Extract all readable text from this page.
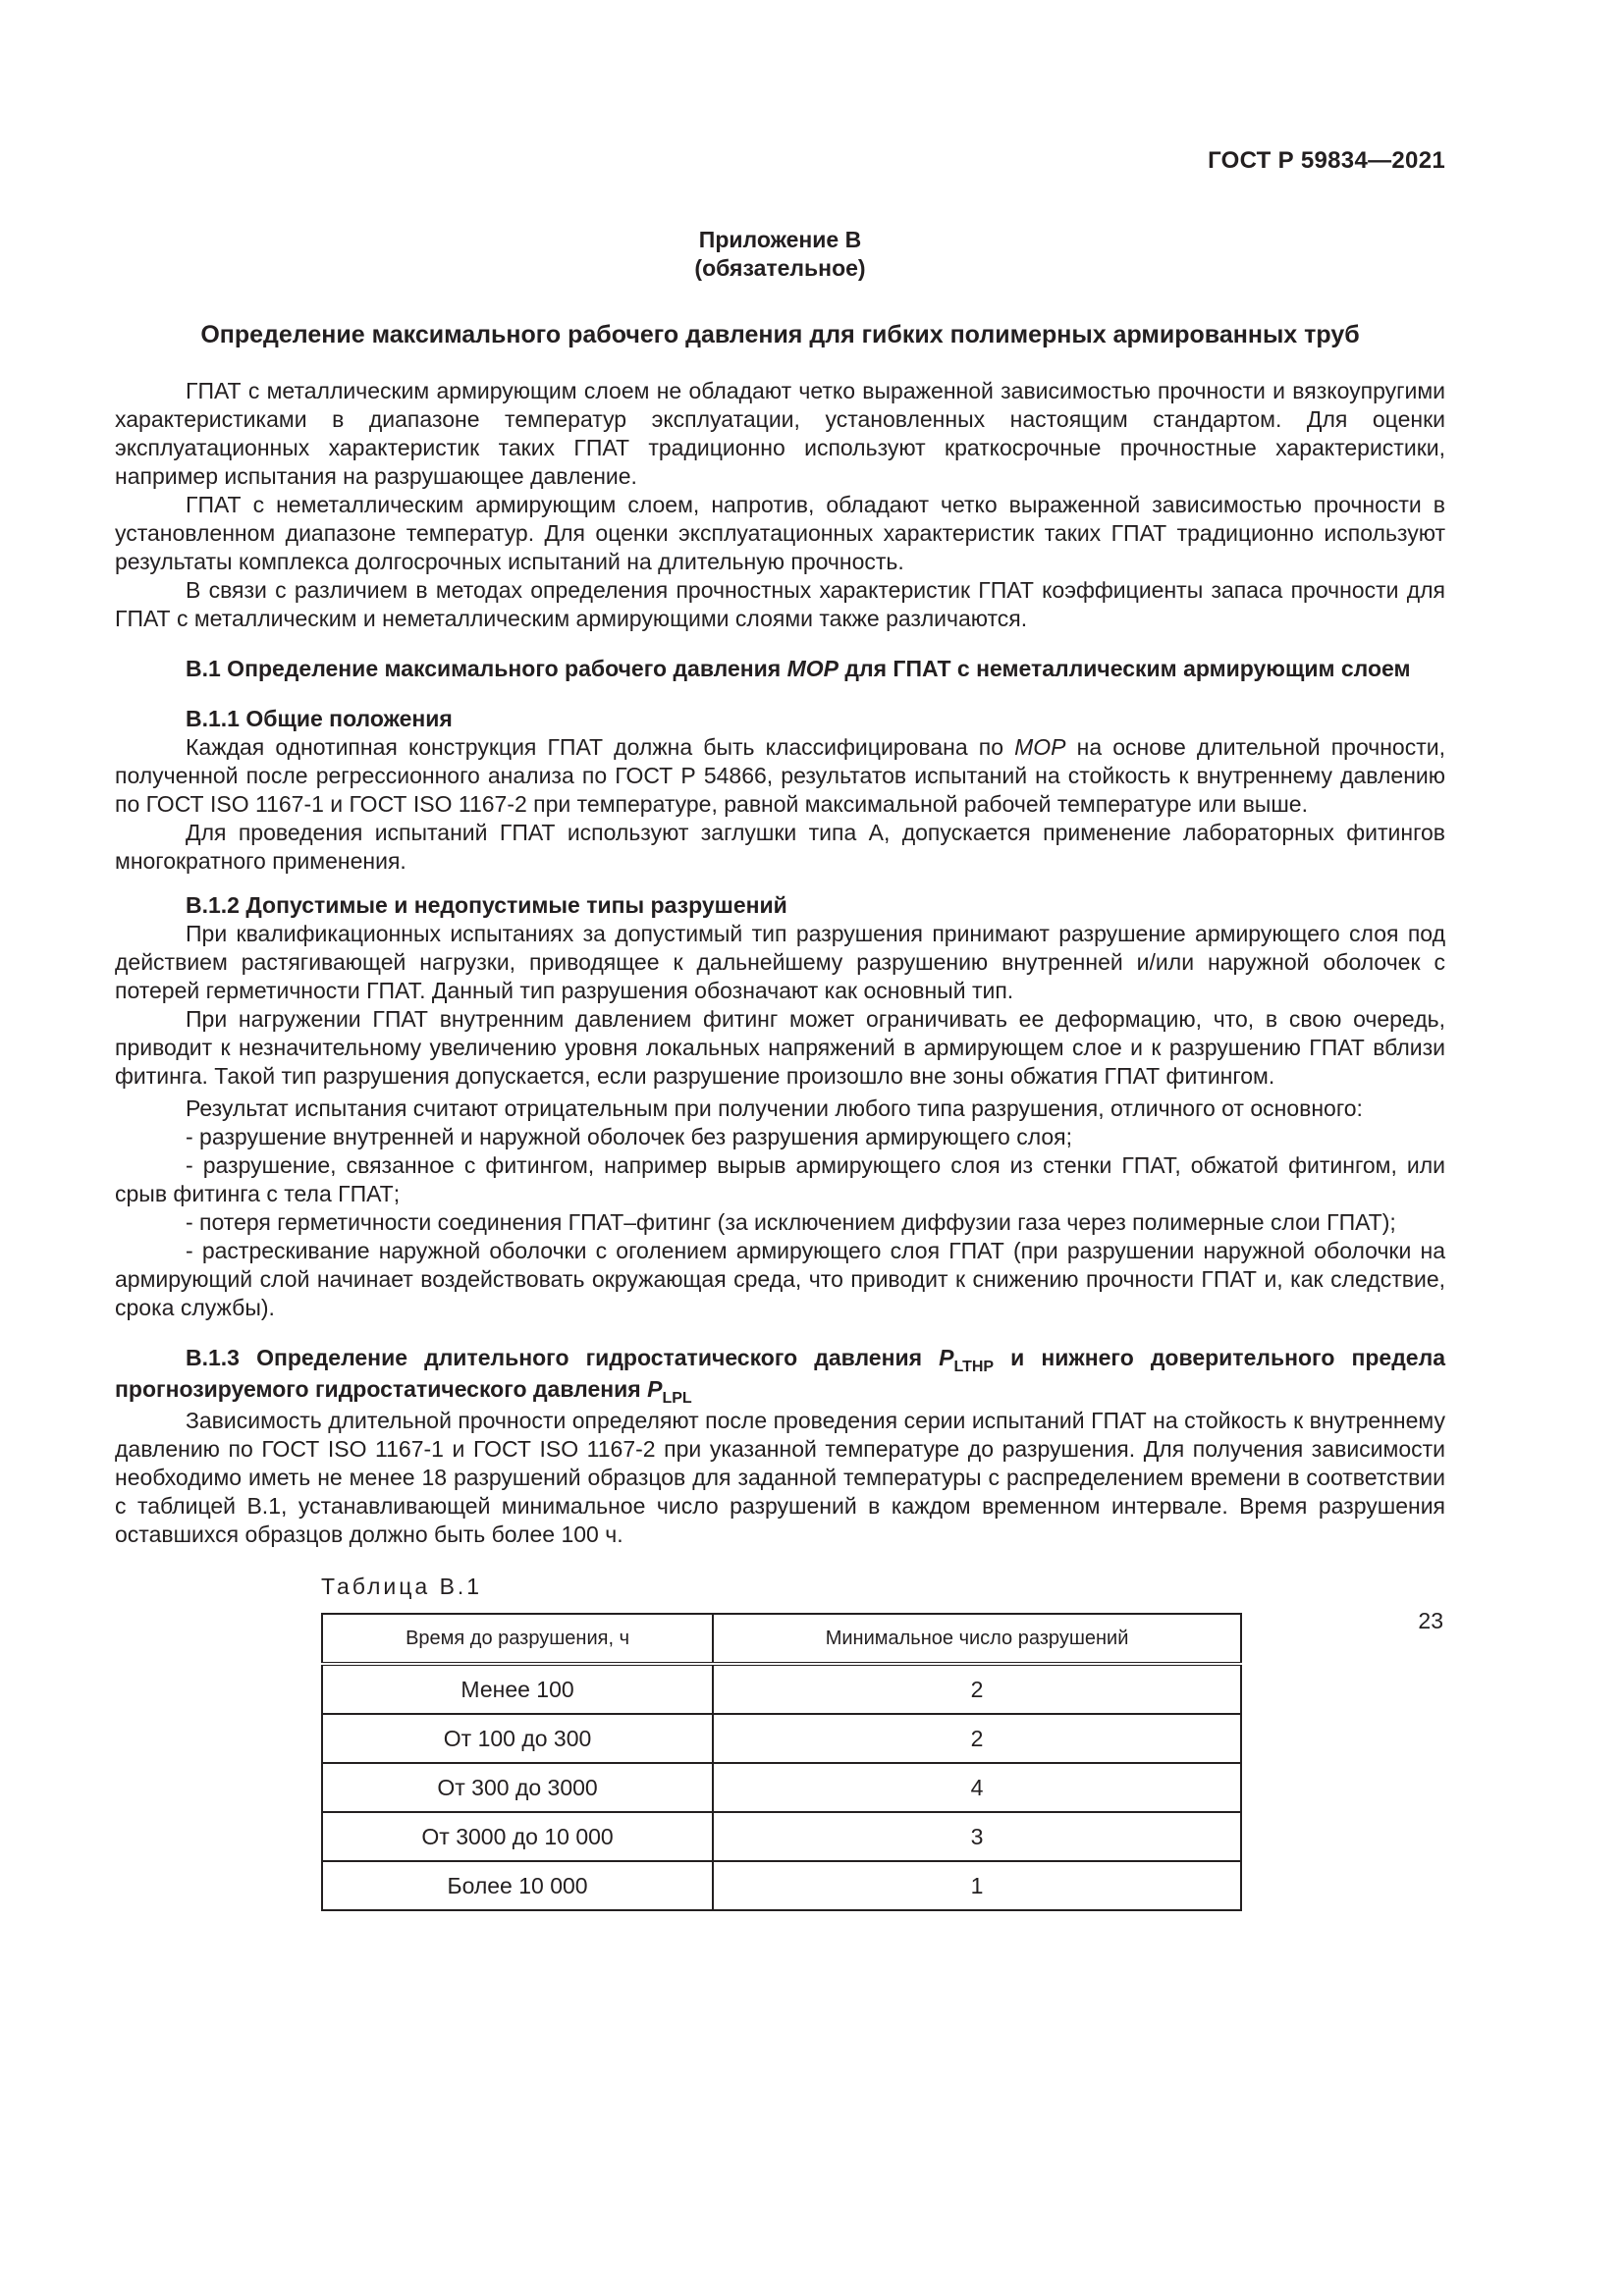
ГОСТ Р 59834—2021
Приложение В
(обязательное)
Определение максимального рабочего давления для гибких полимерных армированных труб

ГПАТ с металлическим армирующим слоем не обладают четко выраженной зависимостью прочности и вязкоупругими характеристиками в диапазоне температур эксплуатации, установленных настоящим стандартом. Для оценки эксплуатационных характеристик таких ГПАТ традиционно используют краткосрочные прочностные характеристики, например испытания на разрушающее давление.

ГПАТ с неметаллическим армирующим слоем, напротив, обладают четко выраженной зависимостью прочности в установленном диапазоне температур. Для оценки эксплуатационных характеристик таких ГПАТ традиционно используют результаты комплекса долгосрочных испытаний на длительную прочность.

В связи с различием в методах определения прочностных характеристик ГПАТ коэффициенты запаса прочности для ГПАТ с металлическим и неметаллическим армирующими слоями также различаются.

В.1 Определение максимального рабочего давления МОР для ГПАТ с неметаллическим армирующим слоем
В.1.1 Общие положения

Каждая однотипная конструкция ГПАТ должна быть классифицирована по МОР на основе длительной прочности, полученной после регрессионного анализа по ГОСТ Р 54866, результатов испытаний на стойкость к внутреннему давлению по ГОСТ ISO 1167-1 и ГОСТ ISO 1167-2 при температуре, равной максимальной рабочей температуре или выше.

Для проведения испытаний ГПАТ используют заглушки типа А, допускается применение лабораторных фитингов многократного применения.

В.1.2 Допустимые и недопустимые типы разрушений

При квалификационных испытаниях за допустимый тип разрушения принимают разрушение армирующего слоя под действием растягивающей нагрузки, приводящее к дальнейшему разрушению внутренней и/или наружной оболочек с потерей герметичности ГПАТ. Данный тип разрушения обозначают как основный тип.

При нагружении ГПАТ внутренним давлением фитинг может ограничивать ее деформацию, что, в свою очередь, приводит к незначительному увеличению уровня локальных напряжений в армирующем слое и к разрушению ГПАТ вблизи фитинга. Такой тип разрушения допускается, если разрушение произошло вне зоны обжатия ГПАТ фитингом.

Результат испытания считают отрицательным при получении любого типа разрушения, отличного от основного:

- разрушение внутренней и наружной оболочек без разрушения армирующего слоя;

- разрушение, связанное с фитингом, например вырыв армирующего слоя из стенки ГПАТ, обжатой фитингом, или срыв фитинга с тела ГПАТ;

- потеря герметичности соединения ГПАТ–фитинг (за исключением диффузии газа через полимерные слои ГПАТ);

- растрескивание наружной оболочки с оголением армирующего слоя ГПАТ (при разрушении наружной оболочки на армирующий слой начинает воздействовать окружающая среда, что приводит к снижению прочности ГПАТ и, как следствие, срока службы).

В.1.3 Определение длительного гидростатического давления $P_{LTHP}$ и нижнего доверительного предела прогнозируемого гидростатического давления $P_{LPL}$

Зависимость длительной прочности определяют после проведения серии испытаний ГПАТ на стойкость к внутреннему давлению по ГОСТ ISO 1167-1 и ГОСТ ISO 1167-2 при указанной температуре до разрушения. Для получения зависимости необходимо иметь не менее 18 разрушений образцов для заданной температуры с распределением времени в соответствии с таблицей В.1, устанавливающей минимальное число разрушений в каждом временном интервале. Время разрушения оставшихся образцов должно быть более 100 ч.

Таблица В.1
Время до разрушения, ч	Минимальное число разрушений
Менее 100	2
От 100 до 300	2
От 300 до 3000	4
От 3000 до 10 000	3
Более 10 000	1
23
